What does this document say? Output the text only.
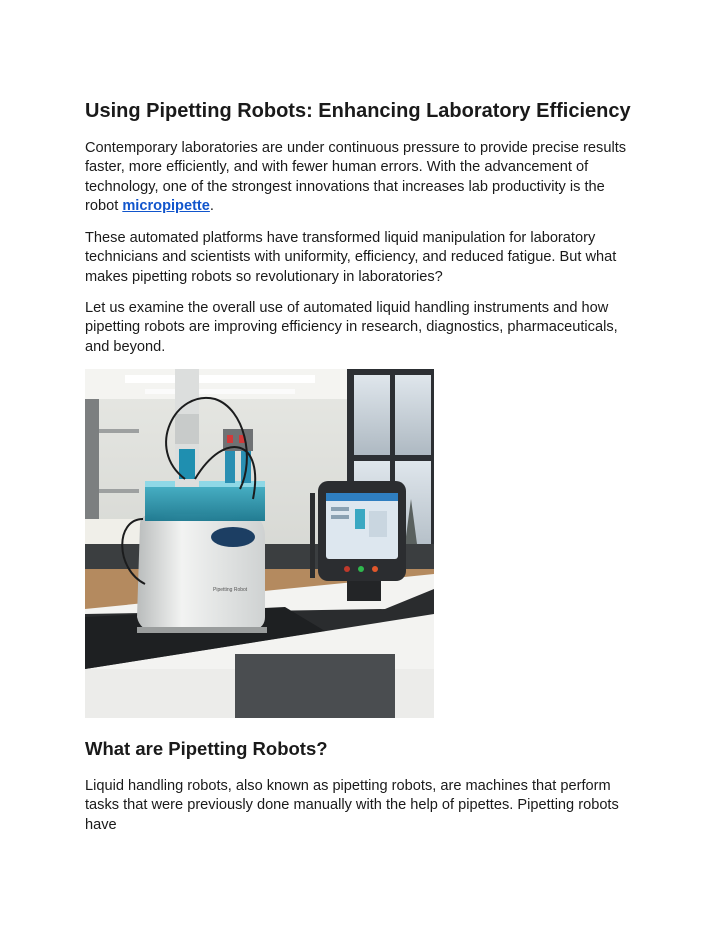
Using Pipetting Robots: Enhancing Laboratory Efficiency

Contemporary laboratories are under continuous pressure to provide precise results faster, more efficiently, and with fewer human errors. With the advancement of technology, one of the strongest innovations that increases lab productivity is the robot micropipette.

These automated platforms have transformed liquid manipulation for laboratory technicians and scientists with uniformity, efficiency, and reduced fatigue. But what makes pipetting robots so revolutionary in laboratories?

Let us examine the overall use of automated liquid handling instruments and how pipetting robots are improving efficiency in research, diagnostics, pharmaceuticals, and beyond.

Pipetting Robot
What are Pipetting Robots?

Liquid handling robots, also known as pipetting robots, are machines that perform tasks that were previously done manually with the help of pipettes. Pipetting robots have
